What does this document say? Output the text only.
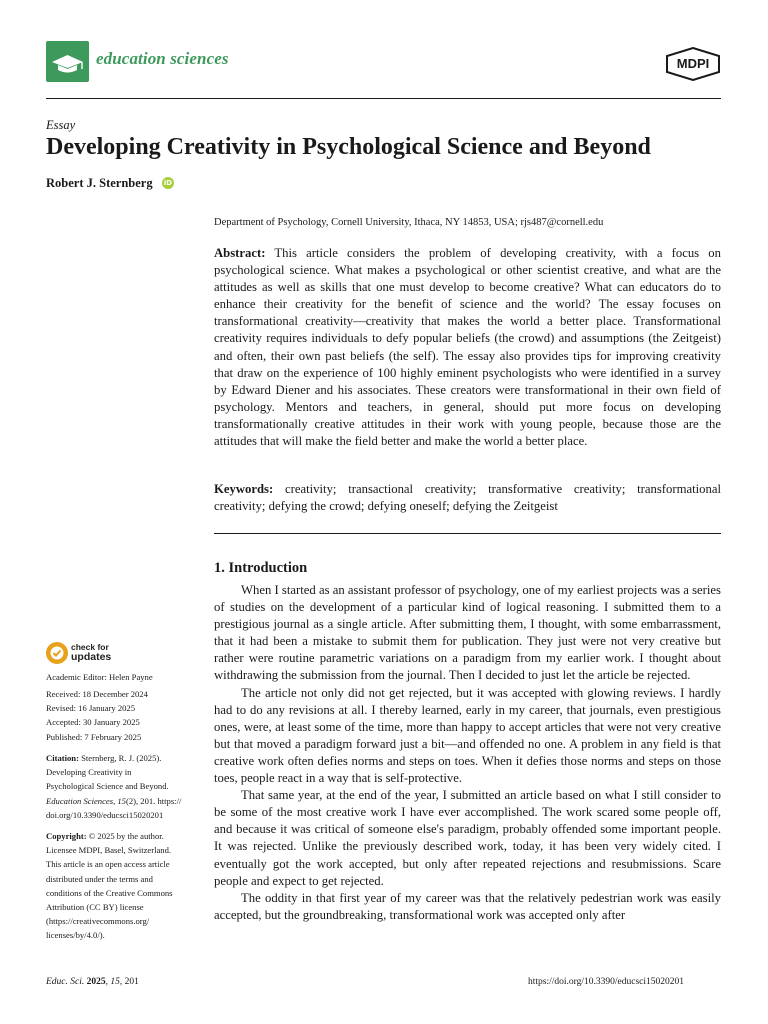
education sciences	MDPI
Essay
Developing Creativity in Psychological Science and Beyond
Robert J. Sternberg iD
Department of Psychology, Cornell University, Ithaca, NY 14853, USA; rjs487@cornell.edu
Abstract: This article considers the problem of developing creativity, with a focus on psychological science. What makes a psychological or other scientist creative, and what are the attitudes as well as skills that one must develop to become creative? What can educators do to enhance their creativity for the benefit of science and the world? The essay focuses on transformational creativity—creativity that makes the world a better place. Transformational creativity requires individuals to defy popular beliefs (the crowd) and assumptions (the Zeitgeist) and often, their own past beliefs (the self). The essay also provides tips for improving creativity that draw on the experience of 100 highly eminent psychologists who were identified in a survey by Edward Diener and his associates. These creators were transformational in their own field of psychology. Mentors and teachers, in general, should put more focus on developing transformationally creative attitudes in their work with young people, because those are the attitudes that will make the field better and make the world a better place.
Keywords: creativity; transactional creativity; transformative creativity; transformational creativity; defying the crowd; defying oneself; defying the Zeitgeist
1. Introduction

When I started as an assistant professor of psychology, one of my earliest projects was a series of studies on the development of a particular kind of logical reasoning. I submitted them to a prestigious journal as a single article. After submitting them, I thought, with some embarrassment, that it had been a mistake to submit them for publication. They just were not very creative but rather were routine parametric variations on a paradigm from my earlier work. I thought about withdrawing the submission from the journal. Then I decided to just let the article be rejected.

The article not only did not get rejected, but it was accepted with glowing reviews. I hardly had to do any revisions at all. I thereby learned, early in my career, that journals, even prestigious ones, were, at least some of the time, more than happy to accept articles that were not very creative but that moved a paradigm forward just a bit—and offended no one. A problem in any field is that creative work often defies norms and steps on toes. When it defies those norms and steps on those toes, people react in a way that is self-protective.

That same year, at the end of the year, I submitted an article based on what I still consider to be some of the most creative work I have ever accomplished. The work scared some people off, and because it was critical of someone else's paradigm, probably offended some important people. It was rejected. Unlike the previously described work, today, it has been very widely cited. I eventually got the work accepted, but only after repeated rejections and resubmissions. Scare people and expect to get rejected.

The oddity in that first year of my career was that the relatively pedestrian work was easily accepted, but the groundbreaking, transformational work was accepted only after

check for
updates
Academic Editor: Helen Payne
Received: 18 December 2024
Revised: 16 January 2025
Accepted: 30 January 2025
Published: 7 February 2025
Citation: Sternberg, R. J. (2025).
Developing Creativity in
Psychological Science and Beyond.
Education Sciences, 15(2), 201. https://
doi.org/10.3390/educsci15020201
Copyright: © 2025 by the author.
Licensee MDPI, Basel, Switzerland.
This article is an open access article
distributed under the terms and
conditions of the Creative Commons
Attribution (CC BY) license
(https://creativecommons.org/
licenses/by/4.0/).
Educ. Sci. 2025, 15, 201	https://doi.org/10.3390/educsci15020201
